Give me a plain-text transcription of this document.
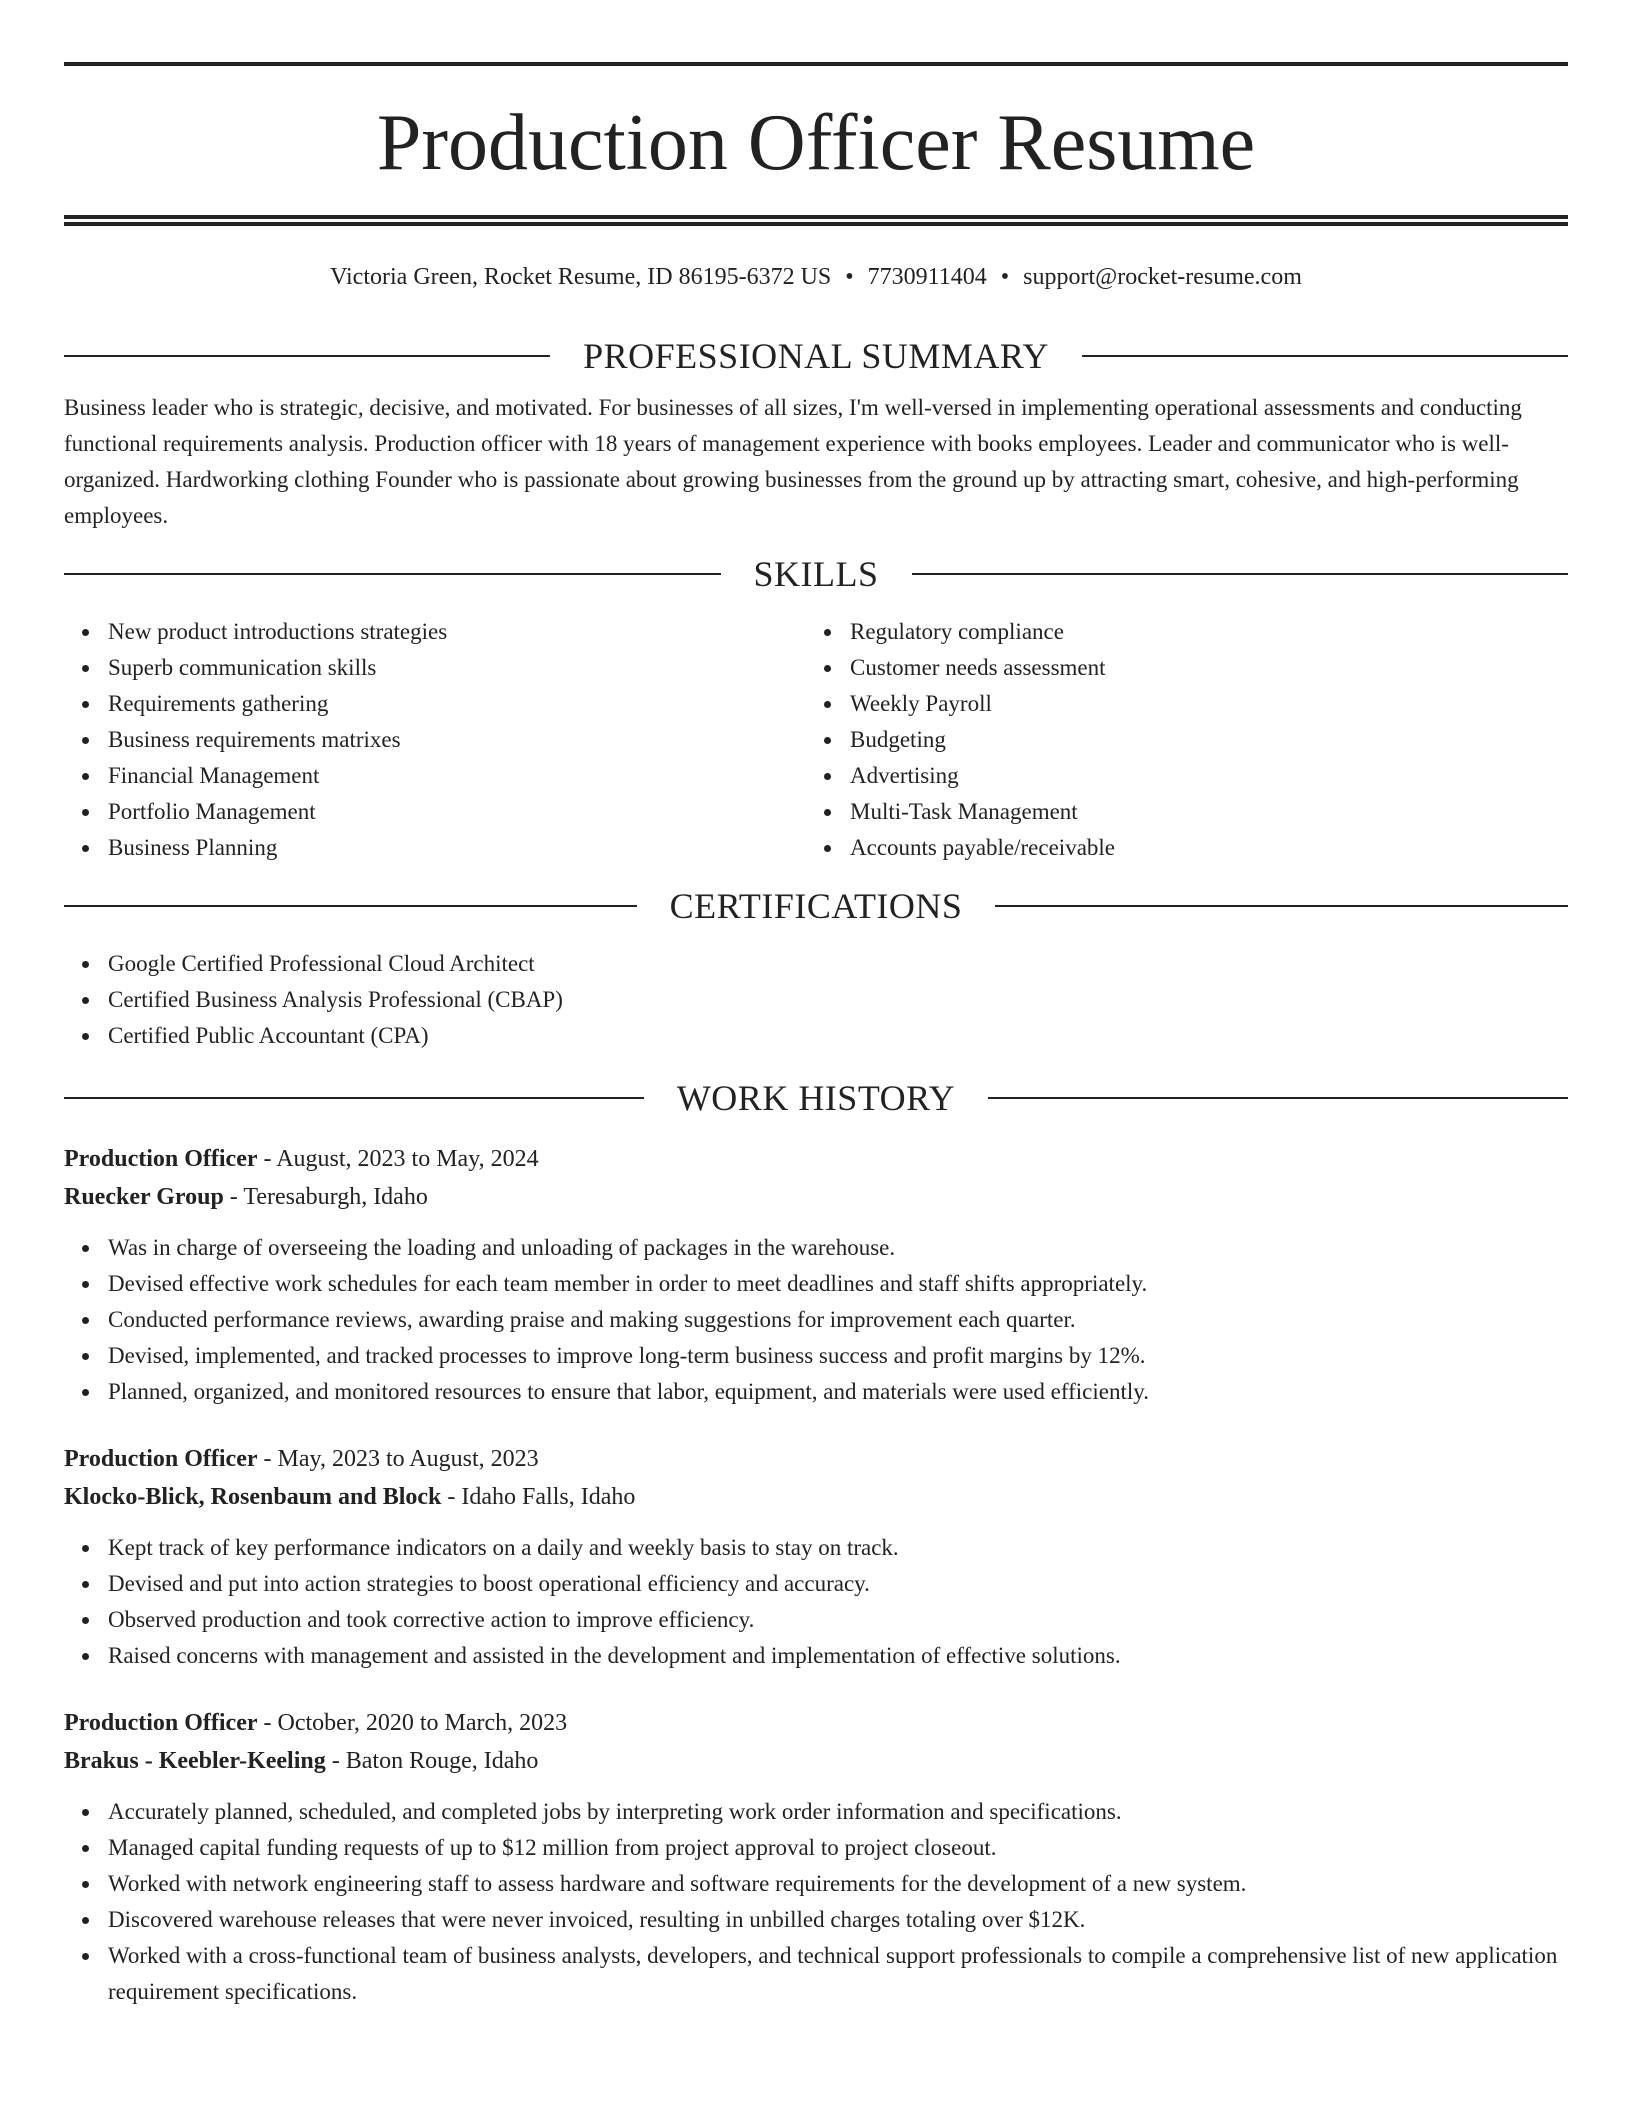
Production Officer Resume
Victoria Green, Rocket Resume, ID 86195-6372 US • 7730911404 • support@rocket-resume.com
PROFESSIONAL SUMMARY

Business leader who is strategic, decisive, and motivated. For businesses of all sizes, I'm well-versed in implementing operational assessments and conducting functional requirements analysis. Production officer with 18 years of management experience with books employees. Leader and communicator who is well-organized. Hardworking clothing Founder who is passionate about growing businesses from the ground up by attracting smart, cohesive, and high-performing employees.

SKILLS
New product introductions strategies
Superb communication skills
Requirements gathering
Business requirements matrixes
Financial Management
Portfolio Management
Business Planning
Regulatory compliance
Customer needs assessment
Weekly Payroll
Budgeting
Advertising
Multi-Task Management
Accounts payable/receivable
CERTIFICATIONS
Google Certified Professional Cloud Architect
Certified Business Analysis Professional (CBAP)
Certified Public Accountant (CPA)
WORK HISTORY
Production Officer - August, 2023 to May, 2024
Ruecker Group - Teresaburgh, Idaho
Was in charge of overseeing the loading and unloading of packages in the warehouse.
Devised effective work schedules for each team member in order to meet deadlines and staff shifts appropriately.
Conducted performance reviews, awarding praise and making suggestions for improvement each quarter.
Devised, implemented, and tracked processes to improve long-term business success and profit margins by 12%.
Planned, organized, and monitored resources to ensure that labor, equipment, and materials were used efficiently.
Production Officer - May, 2023 to August, 2023
Klocko-Blick, Rosenbaum and Block - Idaho Falls, Idaho
Kept track of key performance indicators on a daily and weekly basis to stay on track.
Devised and put into action strategies to boost operational efficiency and accuracy.
Observed production and took corrective action to improve efficiency.
Raised concerns with management and assisted in the development and implementation of effective solutions.
Production Officer - October, 2020 to March, 2023
Brakus - Keebler-Keeling - Baton Rouge, Idaho
Accurately planned, scheduled, and completed jobs by interpreting work order information and specifications.
Managed capital funding requests of up to $12 million from project approval to project closeout.
Worked with network engineering staff to assess hardware and software requirements for the development of a new system.
Discovered warehouse releases that were never invoiced, resulting in unbilled charges totaling over $12K.
Worked with a cross-functional team of business analysts, developers, and technical support professionals to compile a comprehensive list of new application requirement specifications.
